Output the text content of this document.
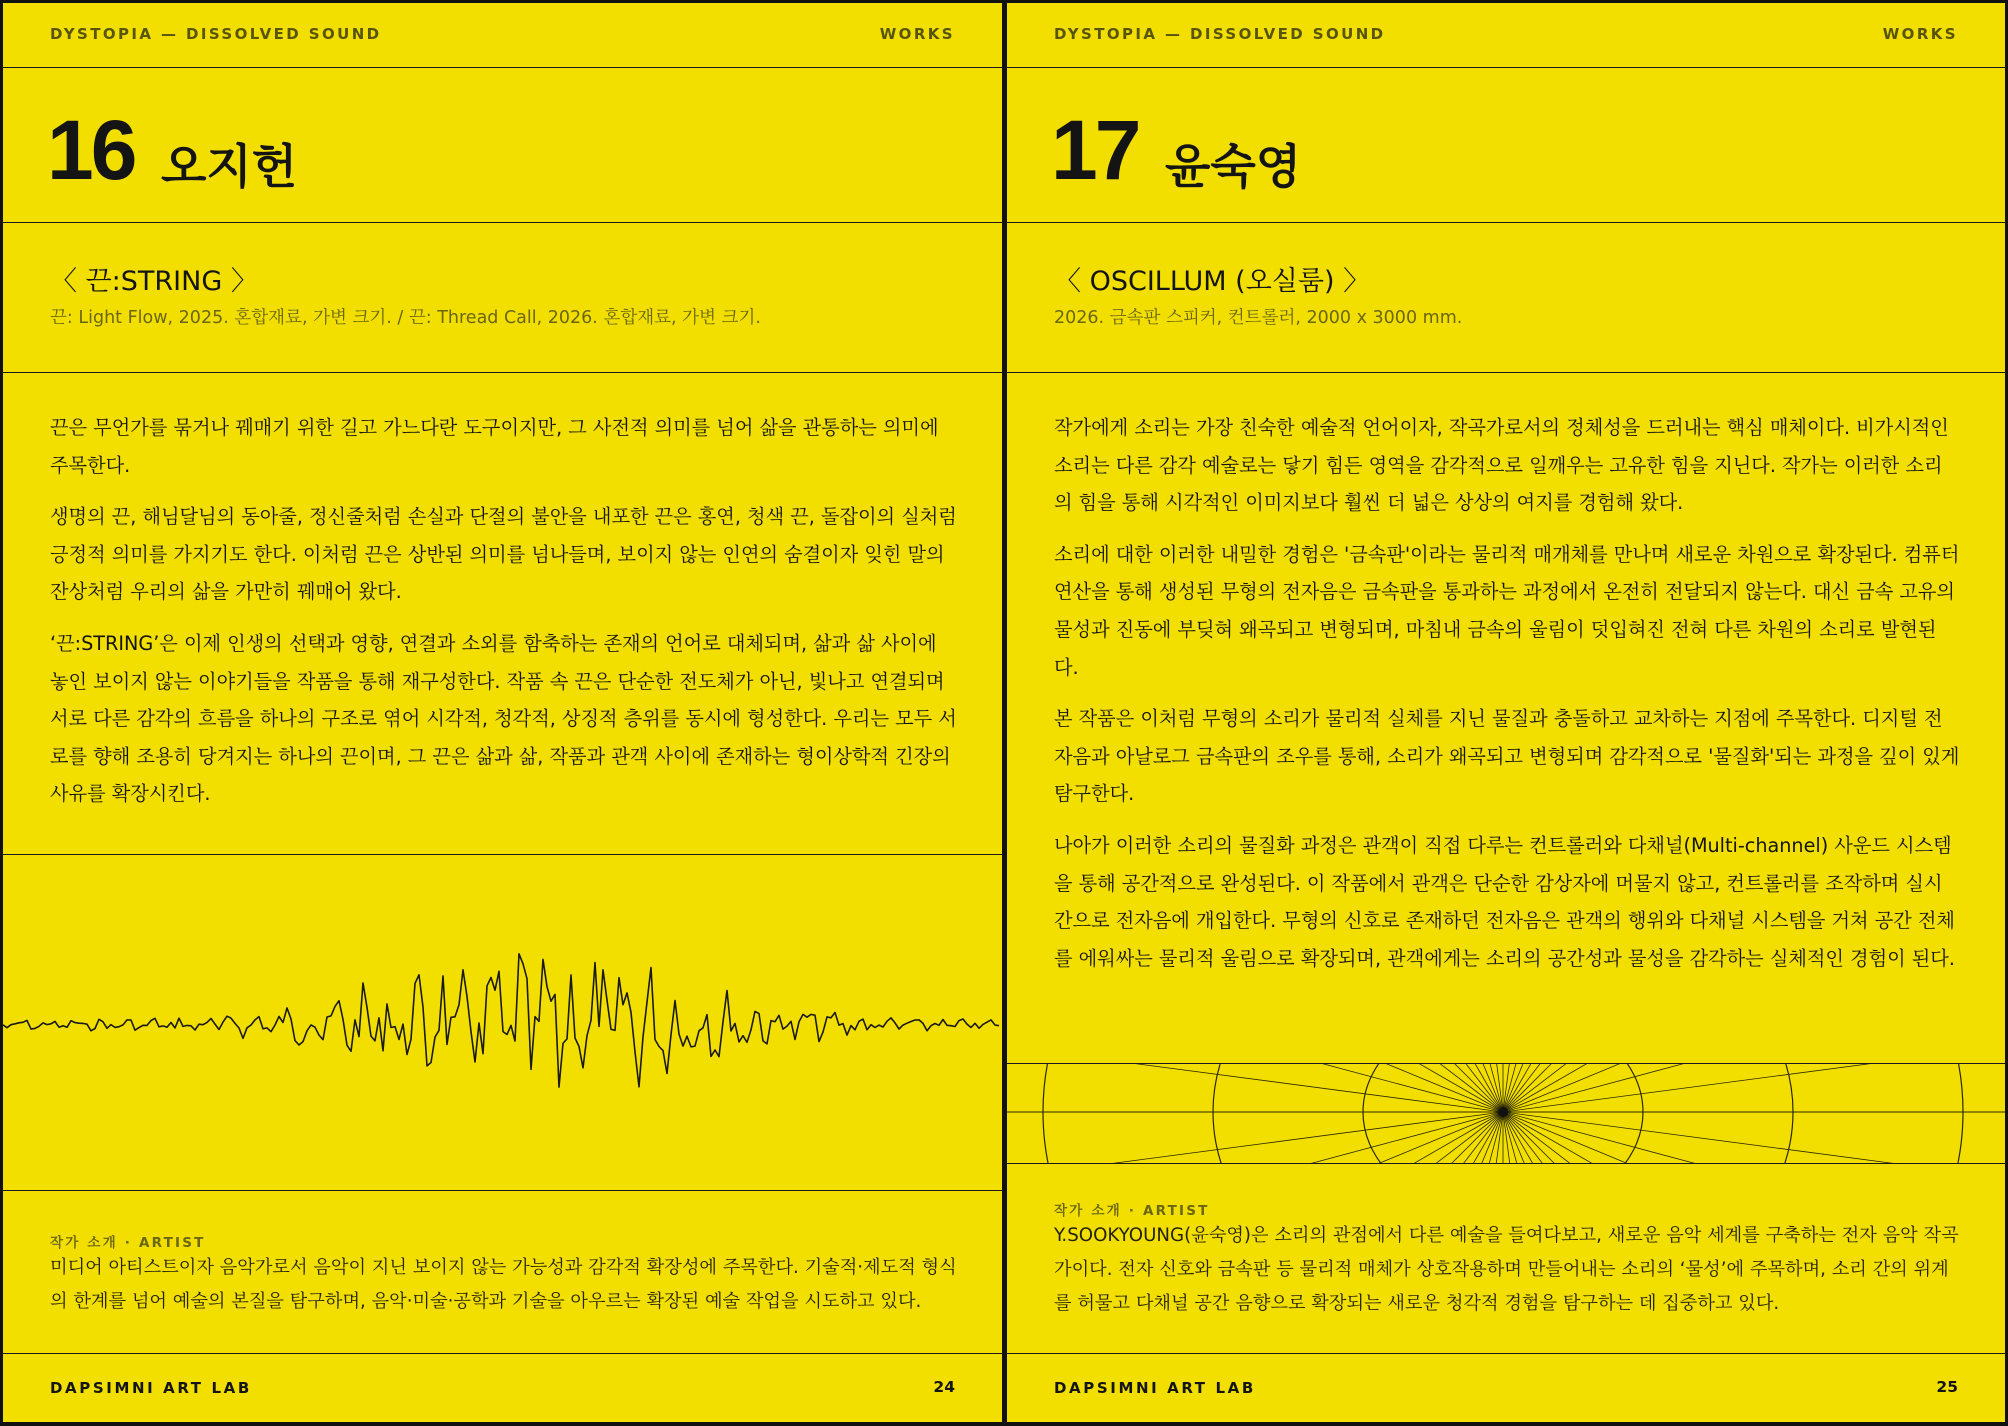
DYSTOPIA — DISSOLVED SOUND	WORKS
16 오지헌
〈 끈:STRING 〉
끈: Light Flow, 2025. 혼합재료, 가변 크기. / 끈: Thread Call, 2026. 혼합재료, 가변 크기.

끈은 무언가를 묶거나 꿰매기 위한 길고 가느다란 도구이지만, 그 사전적 의미를 넘어 삶을 관통하는 의미에 주목한다.

생명의 끈, 해님달님의 동아줄, 정신줄처럼 손실과 단절의 불안을 내포한 끈은 홍연, 청색 끈, 돌잡이의 실처럼 긍정적 의미를 가지기도 한다. 이처럼 끈은 상반된 의미를 넘나들며, 보이지 않는 인연의 숨결이자 잊힌 말의 잔상처럼 우리의 삶을 가만히 꿰매어 왔다.

‘끈:STRING’은 이제 인생의 선택과 영향, 연결과 소외를 함축하는 존재의 언어로 대체되며, 삶과 삶 사이에 놓인 보이지 않는 이야기들을 작품을 통해 재구성한다. 작품 속 끈은 단순한 전도체가 아닌, 빛나고 연결되며 서로 다른 감각의 흐름을 하나의 구조로 엮어 시각적, 청각적, 상징적 층위를 동시에 형성한다. 우리는 모두 서로를 향해 조용히 당겨지는 하나의 끈이며, 그 끈은 삶과 삶, 작품과 관객 사이에 존재하는 형이상학적 긴장의 사유를 확장시킨다.

작가 소개 · ARTIST
미디어 아티스트이자 음악가로서 음악이 지닌 보이지 않는 가능성과 감각적 확장성에 주목한다. 기술적·제도적 형식의 한계를 넘어 예술의 본질을 탐구하며, 음악·미술·공학과 기술을 아우르는 확장된 예술 작업을 시도하고 있다.
DAPSIMNI ART LAB	24
DYSTOPIA — DISSOLVED SOUND	WORKS
17 윤숙영
〈 OSCILLUM (오실룸) 〉
2026. 금속판 스피커, 컨트롤러, 2000 x 3000 mm.

작가에게 소리는 가장 친숙한 예술적 언어이자, 작곡가로서의 정체성을 드러내는 핵심 매체이다. 비가시적인 소리는 다른 감각 예술로는 닿기 힘든 영역을 감각적으로 일깨우는 고유한 힘을 지닌다. 작가는 이러한 소리의 힘을 통해 시각적인 이미지보다 훨씬 더 넓은 상상의 여지를 경험해 왔다.

소리에 대한 이러한 내밀한 경험은 '금속판'이라는 물리적 매개체를 만나며 새로운 차원으로 확장된다. 컴퓨터 연산을 통해 생성된 무형의 전자음은 금속판을 통과하는 과정에서 온전히 전달되지 않는다. 대신 금속 고유의 물성과 진동에 부딪혀 왜곡되고 변형되며, 마침내 금속의 울림이 덧입혀진 전혀 다른 차원의 소리로 발현된다.

본 작품은 이처럼 무형의 소리가 물리적 실체를 지닌 물질과 충돌하고 교차하는 지점에 주목한다. 디지털 전자음과 아날로그 금속판의 조우를 통해, 소리가 왜곡되고 변형되며 감각적으로 '물질화'되는 과정을 깊이 있게 탐구한다.

나아가 이러한 소리의 물질화 과정은 관객이 직접 다루는 컨트롤러와 다채널(Multi-channel) 사운드 시스템을 통해 공간적으로 완성된다. 이 작품에서 관객은 단순한 감상자에 머물지 않고, 컨트롤러를 조작하며 실시간으로 전자음에 개입한다. 무형의 신호로 존재하던 전자음은 관객의 행위와 다채널 시스템을 거쳐 공간 전체를 에워싸는 물리적 울림으로 확장되며, 관객에게는 소리의 공간성과 물성을 감각하는 실체적인 경험이 된다.

작가 소개 · ARTIST
Y.SOOKYOUNG(윤숙영)은 소리의 관점에서 다른 예술을 들여다보고, 새로운 음악 세계를 구축하는 전자 음악 작곡가이다. 전자 신호와 금속판 등 물리적 매체가 상호작용하며 만들어내는 소리의 ‘물성’에 주목하며, 소리 간의 위계를 허물고 다채널 공간 음향으로 확장되는 새로운 청각적 경험을 탐구하는 데 집중하고 있다.
DAPSIMNI ART LAB	25
